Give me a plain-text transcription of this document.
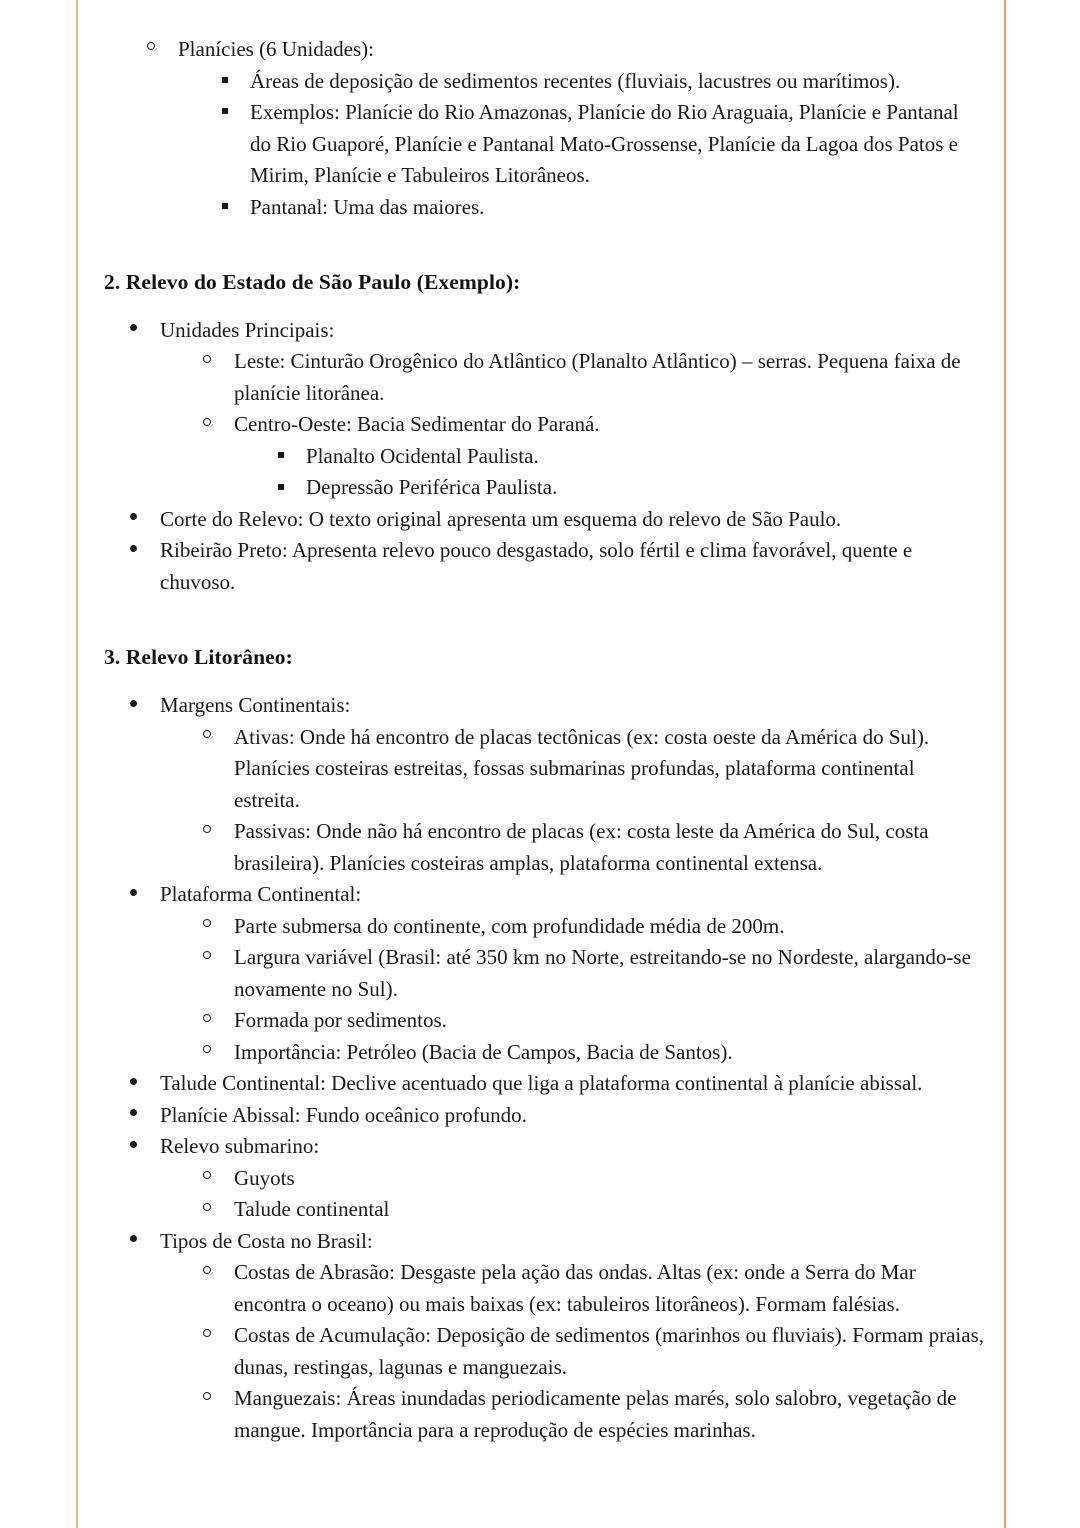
Planícies (6 Unidades):
Áreas de deposição de sedimentos recentes (fluviais, lacustres ou marítimos).
Exemplos: Planície do Rio Amazonas, Planície do Rio Araguaia, Planície e Pantanal do Rio Guaporé, Planície e Pantanal Mato-Grossense, Planície da Lagoa dos Patos e Mirim, Planície e Tabuleiros Litorâneos.
Pantanal: Uma das maiores.
2. Relevo do Estado de São Paulo (Exemplo):
Unidades Principais:
Leste: Cinturão Orogênico do Atlântico (Planalto Atlântico) – serras. Pequena faixa de planície litorânea.
Centro-Oeste: Bacia Sedimentar do Paraná.
Planalto Ocidental Paulista.
Depressão Periférica Paulista.
Corte do Relevo: O texto original apresenta um esquema do relevo de São Paulo.
Ribeirão Preto: Apresenta relevo pouco desgastado, solo fértil e clima favorável, quente e chuvoso.
3. Relevo Litorâneo:
Margens Continentais:
Ativas: Onde há encontro de placas tectônicas (ex: costa oeste da América do Sul). Planícies costeiras estreitas, fossas submarinas profundas, plataforma continental estreita.
Passivas: Onde não há encontro de placas (ex: costa leste da América do Sul, costa brasileira). Planícies costeiras amplas, plataforma continental extensa.
Plataforma Continental:
Parte submersa do continente, com profundidade média de 200m.
Largura variável (Brasil: até 350 km no Norte, estreitando-se no Nordeste, alargando-se novamente no Sul).
Formada por sedimentos.
Importância: Petróleo (Bacia de Campos, Bacia de Santos).
Talude Continental: Declive acentuado que liga a plataforma continental à planície abissal.
Planície Abissal: Fundo oceânico profundo.
Relevo submarino:
Guyots
Talude continental
Tipos de Costa no Brasil:
Costas de Abrasão: Desgaste pela ação das ondas. Altas (ex: onde a Serra do Mar encontra o oceano) ou mais baixas (ex: tabuleiros litorâneos). Formam falésias.
Costas de Acumulação: Deposição de sedimentos (marinhos ou fluviais). Formam praias, dunas, restingas, lagunas e manguezais.
Manguezais: Áreas inundadas periodicamente pelas marés, solo salobro, vegetação de mangue. Importância para a reprodução de espécies marinhas.
